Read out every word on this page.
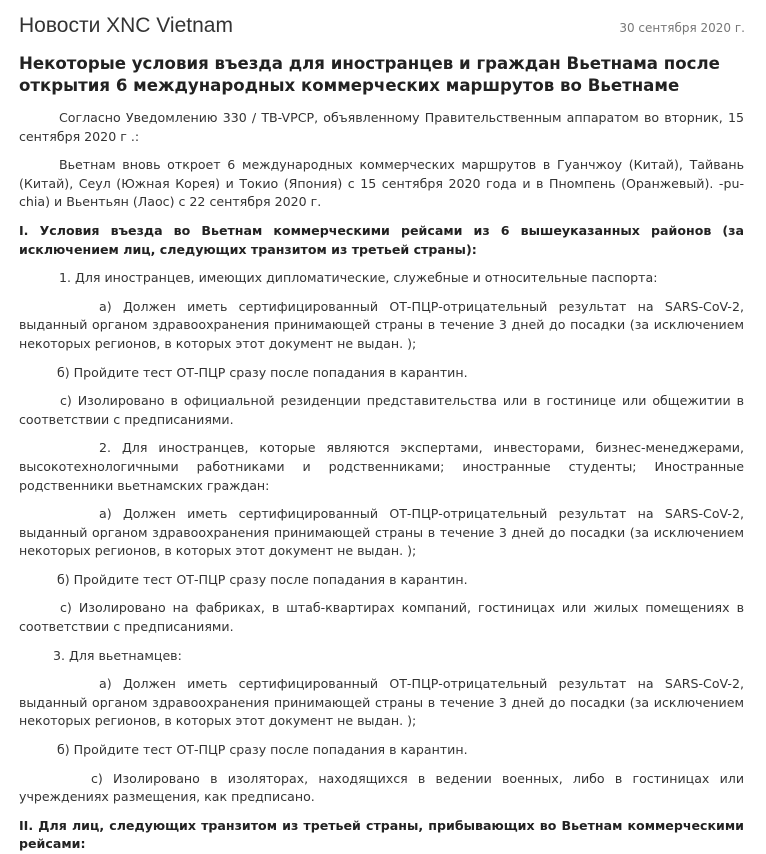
Новости XNC Vietnam	30 сентября 2020 г.
Некоторые условия въезда для иностранцев и граждан Вьетнама после открытия 6 международных коммерческих маршрутов во Вьетнаме

Согласно Уведомлению 330 / TB-VPCP, объявленному Правительственным аппаратом во вторник, 15 сентября 2020 г .:

Вьетнам вновь откроет 6 международных коммерческих маршрутов в Гуанчжоу (Китай), Тайвань (Китай), Сеул (Южная Корея) и Токио (Япония) с 15 сентября 2020 года и в Пномпень (Оранжевый). -pu-chia) и Вьентьян (Лаос) с 22 сентября 2020 г.

I. Условия въезда во Вьетнам коммерческими рейсами из 6 вышеуказанных районов (за исключением лиц, следующих транзитом из третьей страны):

1. Для иностранцев, имеющих дипломатические, служебные и относительные паспорта:

а) Должен иметь сертифицированный ОТ-ПЦР-отрицательный результат на SARS-CoV-2, выданный органом здравоохранения принимающей страны в течение 3 дней до посадки (за исключением некоторых регионов, в которых этот документ не выдан. );

б) Пройдите тест ОТ-ПЦР сразу после попадания в карантин.

c) Изолировано в официальной резиденции представительства или в гостинице или общежитии в соответствии с предписаниями.

2. Для иностранцев, которые являются экспертами, инвесторами, бизнес-менеджерами, высокотехнологичными работниками и родственниками; иностранные студенты; Иностранные родственники вьетнамских граждан:

а) Должен иметь сертифицированный ОТ-ПЦР-отрицательный результат на SARS-CoV-2, выданный органом здравоохранения принимающей страны в течение 3 дней до посадки (за исключением некоторых регионов, в которых этот документ не выдан. );

б) Пройдите тест ОТ-ПЦР сразу после попадания в карантин.

c) Изолировано на фабриках, в штаб-квартирах компаний, гостиницах или жилых помещениях в соответствии с предписаниями.

3. Для вьетнамцев:

а) Должен иметь сертифицированный ОТ-ПЦР-отрицательный результат на SARS-CoV-2, выданный органом здравоохранения принимающей страны в течение 3 дней до посадки (за исключением некоторых регионов, в которых этот документ не выдан. );

б) Пройдите тест ОТ-ПЦР сразу после попадания в карантин.

c) Изолировано в изоляторах, находящихся в ведении военных, либо в гостиницах или учреждениях размещения, как предписано.

II. Для лиц, следующих транзитом из третьей страны, прибывающих во Вьетнам коммерческими рейсами:
